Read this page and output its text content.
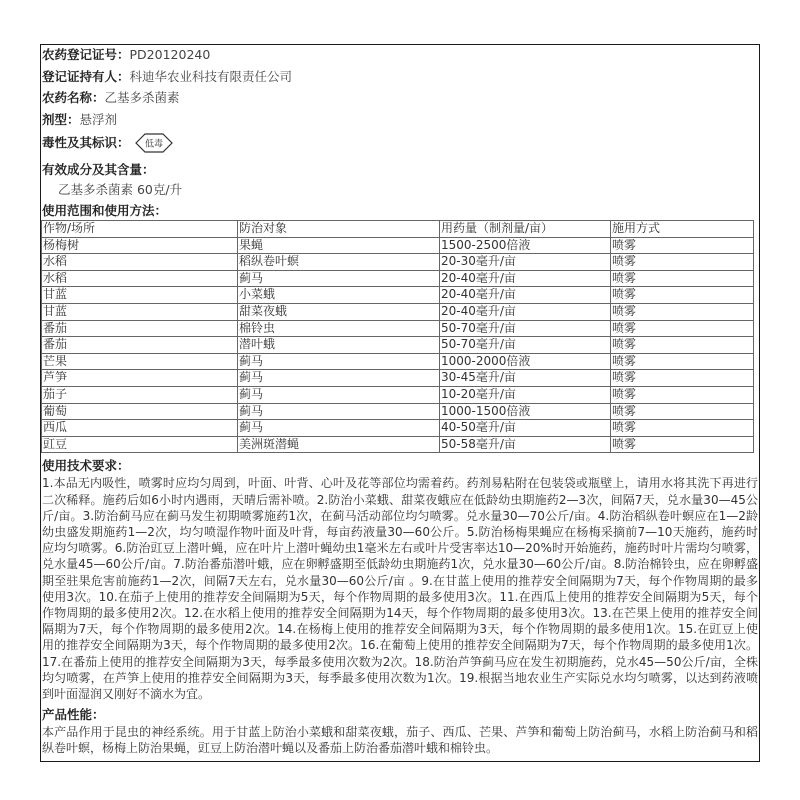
农药登记证号：PD20120240
登记证持有人：科迪华农业科技有限责任公司
农药名称：乙基多杀菌素
剂型：悬浮剂
毒性及其标识： 低毒
有效成分及其含量：
乙基多杀菌素 60克/升
使用范围和使用方法：
作物/场所	防治对象	用药量（制剂量/亩）	施用方式
杨梅树	果蝇	1500-2500倍液	喷雾
水稻	稻纵卷叶螟	20-30毫升/亩	喷雾
水稻	蓟马	20-40毫升/亩	喷雾
甘蓝	小菜蛾	20-40毫升/亩	喷雾
甘蓝	甜菜夜蛾	20-40毫升/亩	喷雾
番茄	棉铃虫	50-70毫升/亩	喷雾
番茄	潜叶蛾	50-70毫升/亩	喷雾
芒果	蓟马	1000-2000倍液	喷雾
芦笋	蓟马	30-45毫升/亩	喷雾
茄子	蓟马	10-20毫升/亩	喷雾
葡萄	蓟马	1000-1500倍液	喷雾
西瓜	蓟马	40-50毫升/亩	喷雾
豇豆	美洲斑潜蝇	50-58毫升/亩	喷雾
使用技术要求：
1.本品无内吸性，喷雾时应均匀周到，叶面、叶背、心叶及花等部位均需着药。药剂易粘附在包装袋或瓶壁上，请用水将其洗下再进行二次稀释。施药后如6小时内遇雨，天晴后需补喷。2.防治小菜蛾、甜菜夜蛾应在低龄幼虫期施药2—3次，间隔7天，兑水量30—45公斤/亩。3.防治蓟马应在蓟马发生初期喷雾施药1次，在蓟马活动部位均匀喷雾。兑水量30—70公斤/亩。4.防治稻纵卷叶螟应在1—2龄幼虫盛发期施药1—2次，均匀喷湿作物叶面及叶背，每亩药液量30—60公斤。5.防治杨梅果蝇应在杨梅采摘前7—10天施药，施药时应均匀喷雾。6.防治豇豆上潜叶蝇，应在叶片上潜叶蝇幼虫1毫米左右或叶片受害率达10—20%时开始施药，施药时叶片需均匀喷雾，兑水量45—60公斤/亩。7.防治番茄潜叶蛾，应在卵孵盛期至低龄幼虫期施药1次，兑水量30—60公斤/亩。8.防治棉铃虫，应在卵孵盛期至驻果危害前施药1—2次，间隔7天左右，兑水量30—60公斤/亩 。9.在甘蓝上使用的推荐安全间隔期为7天，每个作物周期的最多使用3次。10.在茄子上使用的推荐安全间隔期为5天，每个作物周期的最多使用3次。11.在西瓜上使用的推荐安全间隔期为5天，每个作物周期的最多使用2次。12.在水稻上使用的推荐安全间隔期为14天，每个作物周期的最多使用3次。13.在芒果上使用的推荐安全间隔期为7天，每个作物周期的最多使用2次。14.在杨梅上使用的推荐安全间隔期为3天，每个作物周期的最多使用1次。15.在豇豆上使用的推荐安全间隔期为3天，每个作物周期的最多使用2次。16.在葡萄上使用的推荐安全间隔期为7天，每个作物周期的最多使用1次。17.在番茄上使用的推荐安全间隔期为3天，每季最多使用次数为2次。18.防治芦笋蓟马应在发生初期施药，兑水45—50公斤/亩，全株均匀喷雾，在芦笋上使用的推荐安全间隔期为3天，每季最多使用次数为1次。19.根据当地农业生产实际兑水均匀喷雾，以达到药液喷到叶面湿润又刚好不滴水为宜。
产品性能：
本产品作用于昆虫的神经系统。用于甘蓝上防治小菜蛾和甜菜夜蛾，茄子、西瓜、芒果、芦笋和葡萄上防治蓟马，水稻上防治蓟马和稻纵卷叶螟，杨梅上防治果蝇，豇豆上防治潜叶蝇以及番茄上防治番茄潜叶蛾和棉铃虫。
